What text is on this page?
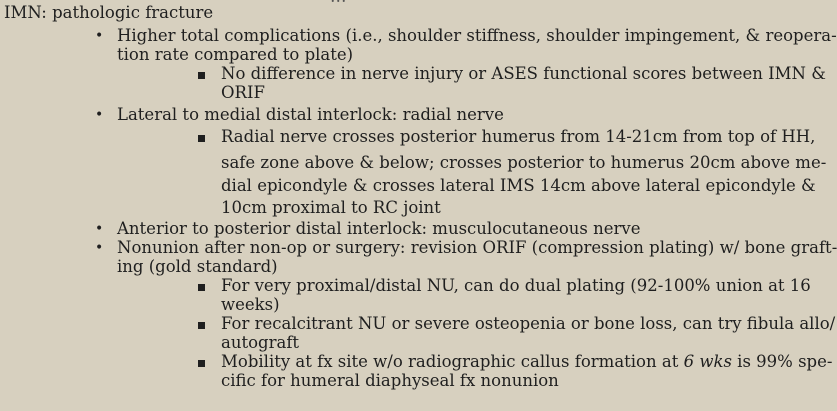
IMN: pathologic fracture
• Higher total complications (i.e., shoulder stiffness, shoulder impingement, & reopera-
tion rate compared to plate)
No difference in nerve injury or ASES functional scores between IMN &
ORIF
• Lateral to medial distal interlock: radial nerve
Radial nerve crosses posterior humerus from 14-21cm from top of HH,
safe zone above & below; crosses posterior to humerus 20cm above me-
dial epicondyle & crosses lateral IMS 14cm above lateral epicondyle &
10cm proximal to RC joint
• Anterior to posterior distal interlock: musculocutaneous nerve
• Nonunion after non-op or surgery: revision ORIF (compression plating) w/ bone graft-
ing (gold standard)
For very proximal/distal NU, can do dual plating (92-100% union at 16
weeks)
For recalcitrant NU or severe osteopenia or bone loss, can try fibula allo/
autograft
Mobility at fx site w/o radiographic callus formation at 6 wks is 99% spe-
cific for humeral diaphyseal fx nonunion
